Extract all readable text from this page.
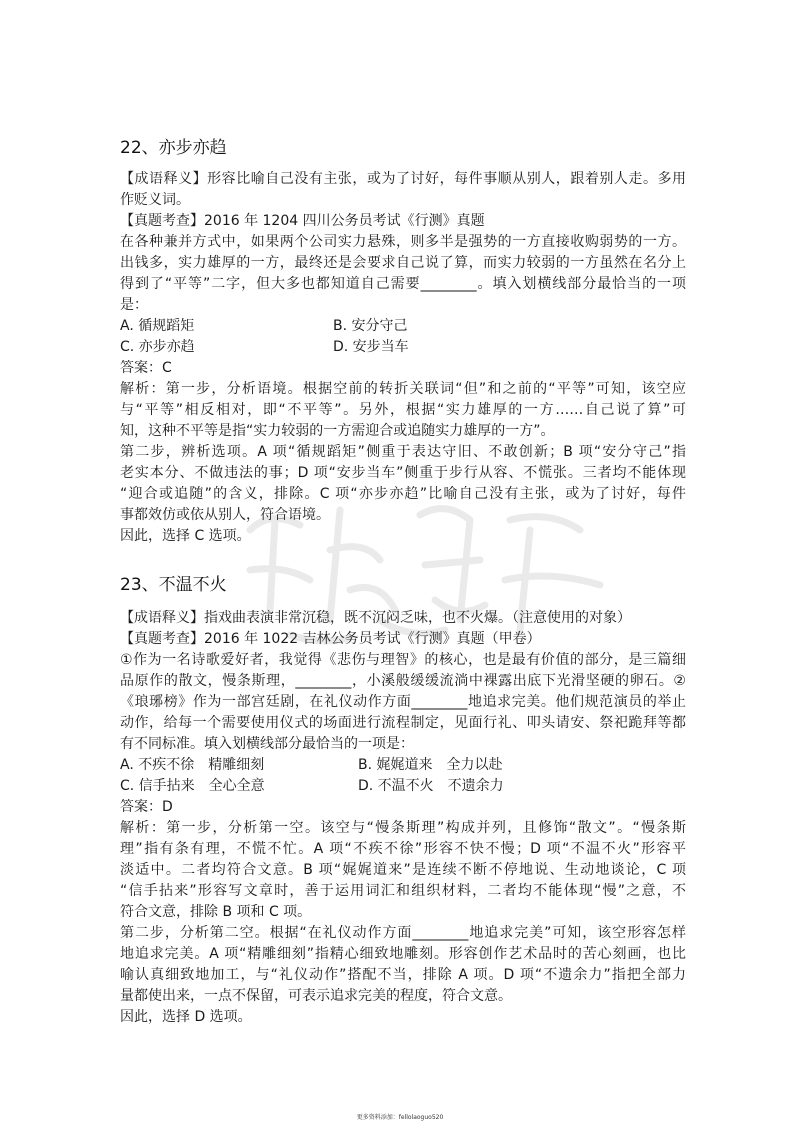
22、亦步亦趋
【成语释义】形容比喻自己没有主张，或为了讨好，每件事顺从别人，跟着别人走。多用
作贬义词。
【真题考查】2016 年 1204 四川公务员考试《行测》真题
在各种兼并方式中，如果两个公司实力悬殊，则多半是强势的一方直接收购弱势的一方。
出钱多，实力雄厚的一方，最终还是会要求自己说了算，而实力较弱的一方虽然在名分上
得到了“平等”二字，但大多也都知道自己需要________。填入划横线部分最恰当的一项
是：
A. 循规蹈矩	B. 安分守己
C. 亦步亦趋	D. 安步当车
答案：C
解析：第一步，分析语境。根据空前的转折关联词“但”和之前的“平等”可知，该空应
与“平等”相反相对，即“不平等”。另外，根据“实力雄厚的一方……自己说了算”可
知，这种不平等是指“实力较弱的一方需迎合或追随实力雄厚的一方”。
第二步，辨析选项。A 项“循规蹈矩”侧重于表达守旧、不敢创新；B 项“安分守己”指
老实本分、不做违法的事；D 项“安步当车”侧重于步行从容、不慌张。三者均不能体现
“迎合或追随”的含义，排除。C 项“亦步亦趋”比喻自己没有主张，或为了讨好，每件
事都效仿或依从别人，符合语境。
因此，选择 C 选项。
23、不温不火
【成语释义】指戏曲表演非常沉稳，既不沉闷乏味，也不火爆。（注意使用的对象）
【真题考查】2016 年 1022 吉林公务员考试《行测》真题（甲卷）
①作为一名诗歌爱好者，我觉得《悲伤与理智》的核心，也是最有价值的部分，是三篇细
品原作的散文，慢条斯理，________，小溪般缓缓流淌中裸露出底下光滑坚硬的卵石。②
《琅琊榜》作为一部宫廷剧，在礼仪动作方面________地追求完美。他们规范演员的举止
动作，给每一个需要使用仪式的场面进行流程制定，见面行礼、叩头请安、祭祀跪拜等都
有不同标准。填入划横线部分最恰当的一项是：
A. 不疾不徐　精雕细刻	B. 娓娓道来　全力以赴
C. 信手拈来　全心全意	D. 不温不火　不遗余力
答案：D
解析：第一步，分析第一空。该空与“慢条斯理”构成并列，且修饰“散文”。“慢条斯
理”指有条有理，不慌不忙。A 项“不疾不徐”形容不快不慢；D 项“不温不火”形容平
淡适中。二者均符合文意。B 项“娓娓道来”是连续不断不停地说、生动地谈论，C 项
“信手拈来”形容写文章时，善于运用词汇和组织材料，二者均不能体现“慢”之意，不
符合文意，排除 B 项和 C 项。
第二步，分析第二空。根据“在礼仪动作方面________地追求完美”可知，该空形容怎样
地追求完美。A 项“精雕细刻”指精心细致地雕刻。形容创作艺术品时的苦心刻画，也比
喻认真细致地加工，与“礼仪动作”搭配不当，排除 A 项。D 项“不遗余力”指把全部力
量都使出来，一点不保留，可表示追求完美的程度，符合文意。
因此，选择 D 选项。
更多资料添加：fellolaoguo520
